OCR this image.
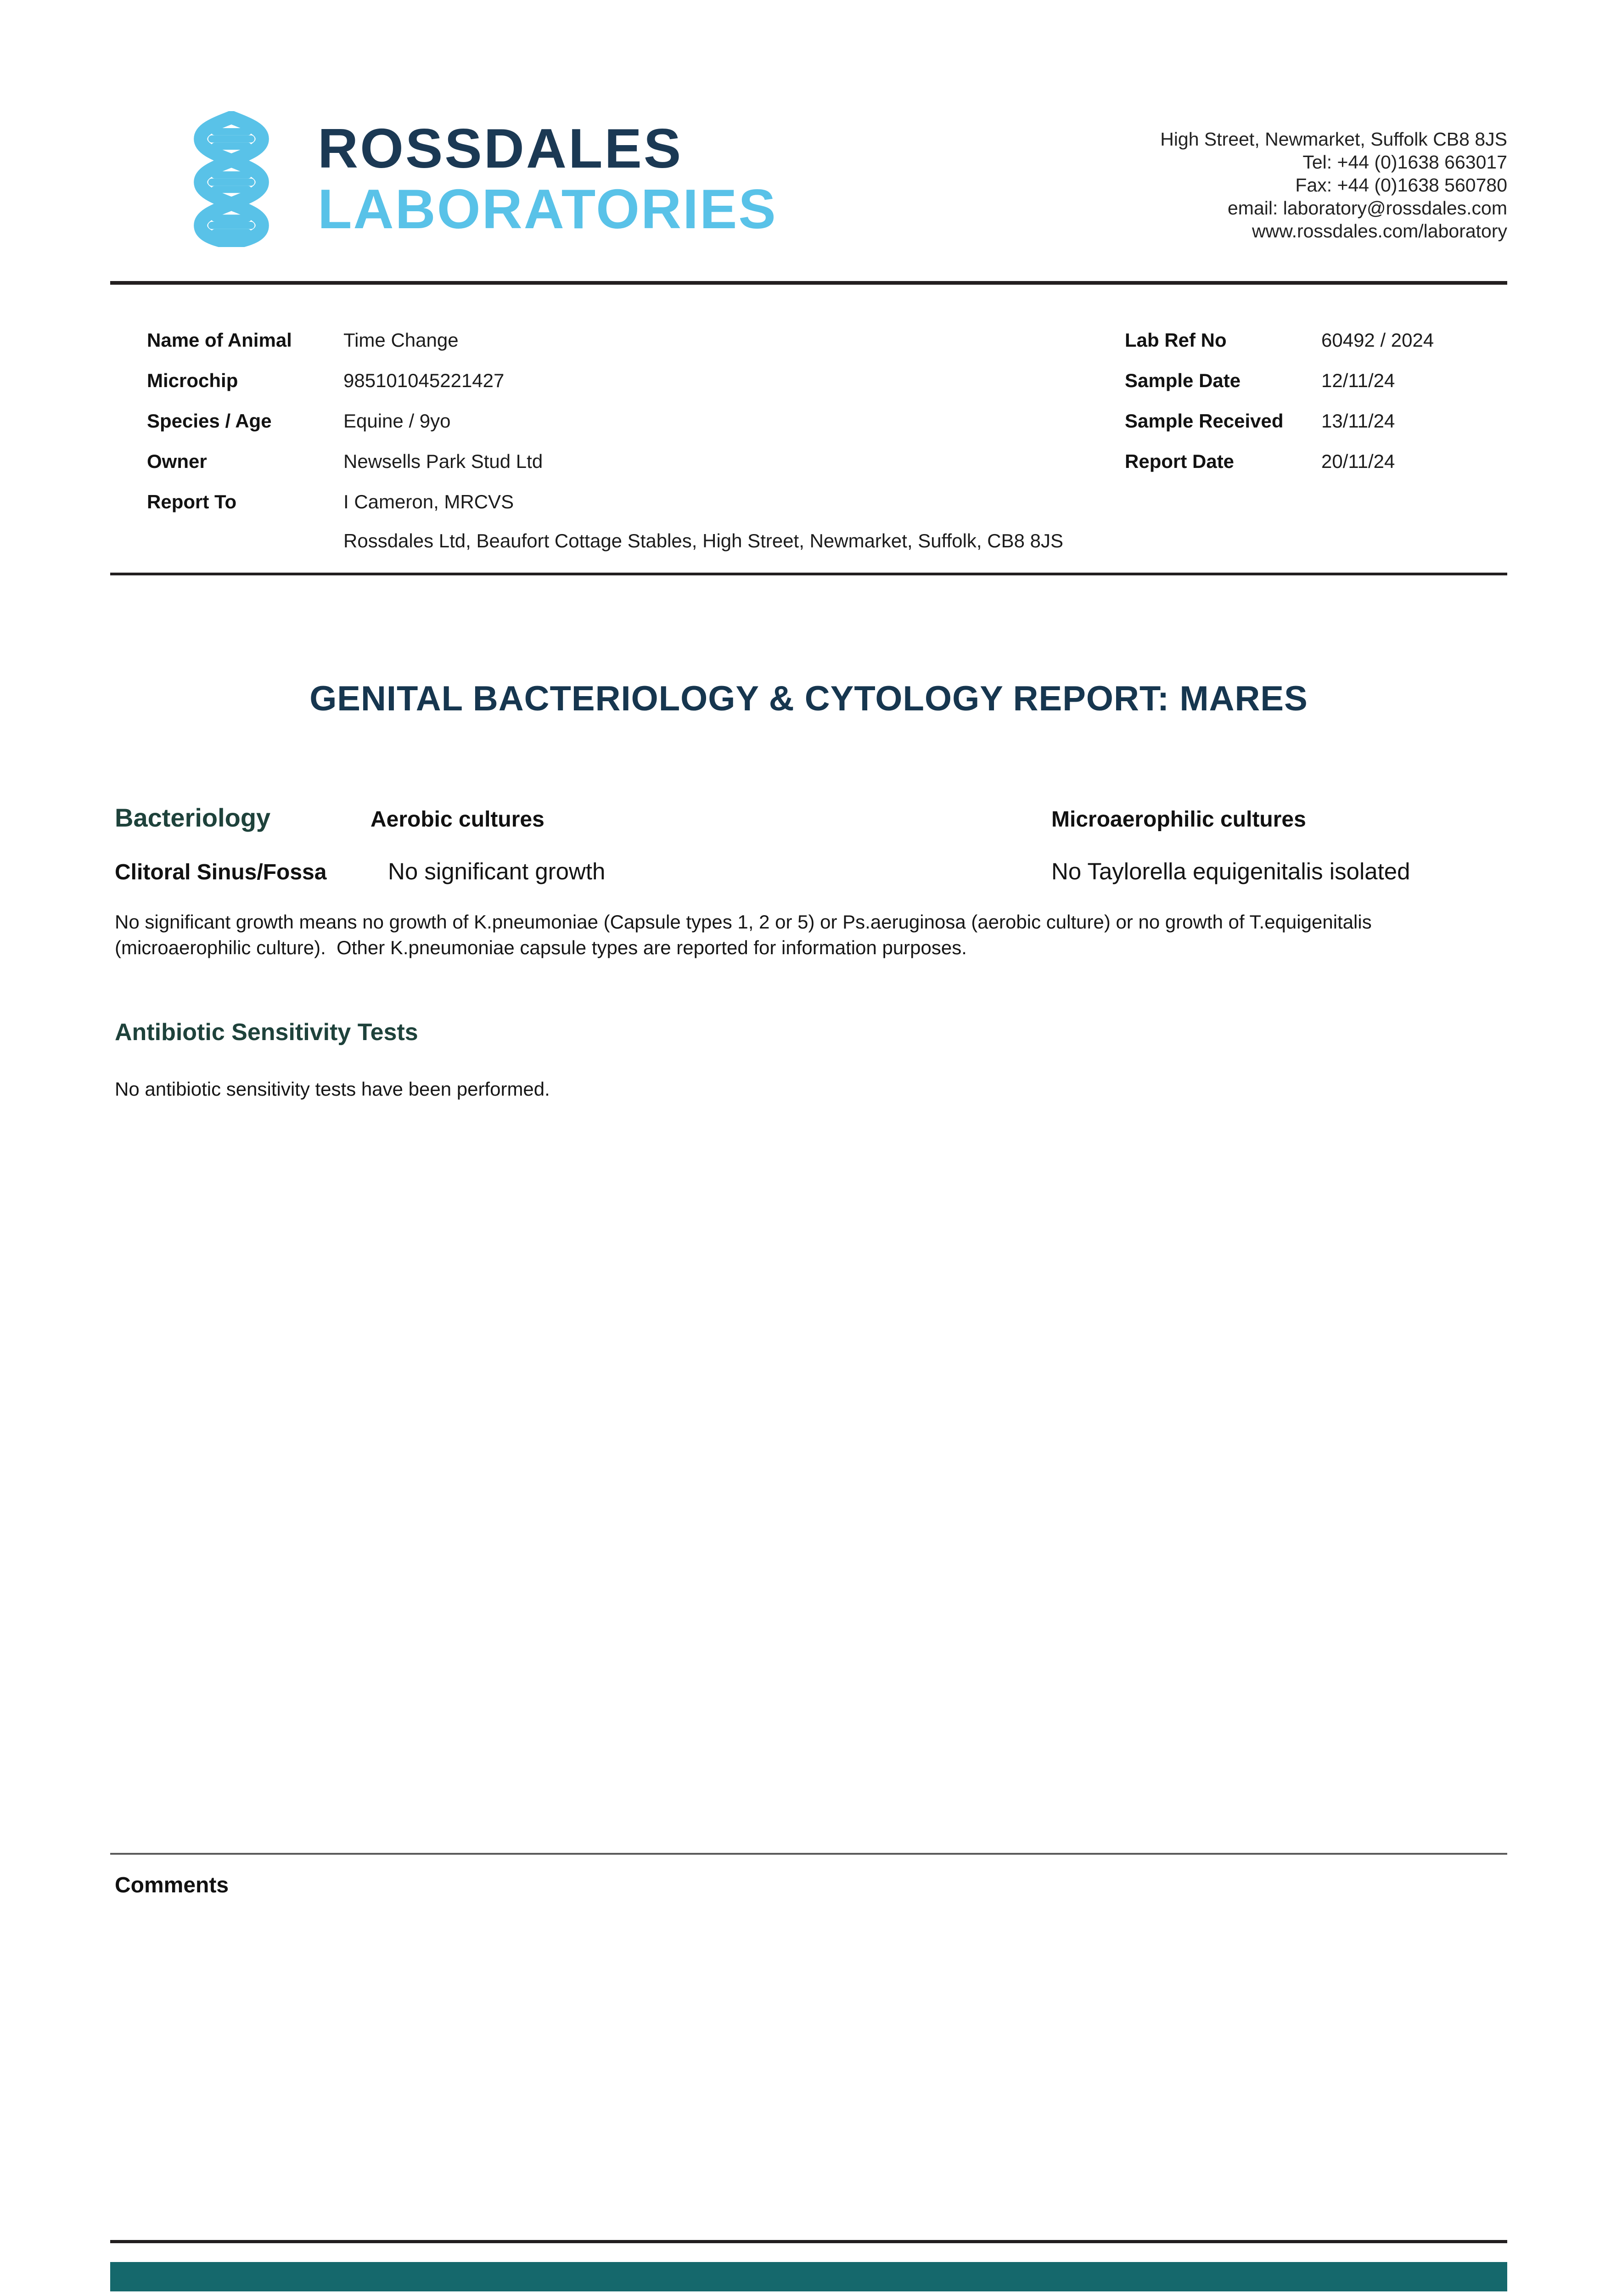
ROSSDALES
LABORATORIES
High Street, Newmarket, Suffolk CB8 8JS
Tel: +44 (0)1638 663017
Fax: +44 (0)1638 560780
email: laboratory@rossdales.com
www.rossdales.com/laboratory
Name of Animal	Time Change	Lab Ref No	60492 / 2024
Microchip	985101045221427	Sample Date	12/11/24
Species / Age	Equine / 9yo	Sample Received 13/11/24
Owner	Newsells Park Stud Ltd	Report Date	20/11/24
Report To	I Cameron, MRCVS
Rossdales Ltd, Beaufort Cottage Stables, High Street, Newmarket, Suffolk, CB8 8JS
GENITAL BACTERIOLOGY & CYTOLOGY REPORT: MARES
Bacteriology	Aerobic cultures	Microaerophilic cultures
Clitoral Sinus/Fossa	No significant growth	No Taylorella equigenitalis isolated
No significant growth means no growth of K.pneumoniae (Capsule types 1, 2 or 5) or Ps.aeruginosa (aerobic culture) or no growth of T.equigenitalis (microaerophilic culture).  Other K.pneumoniae capsule types are reported for information purposes.
Antibiotic Sensitivity Tests
No antibiotic sensitivity tests have been performed.
Comments
